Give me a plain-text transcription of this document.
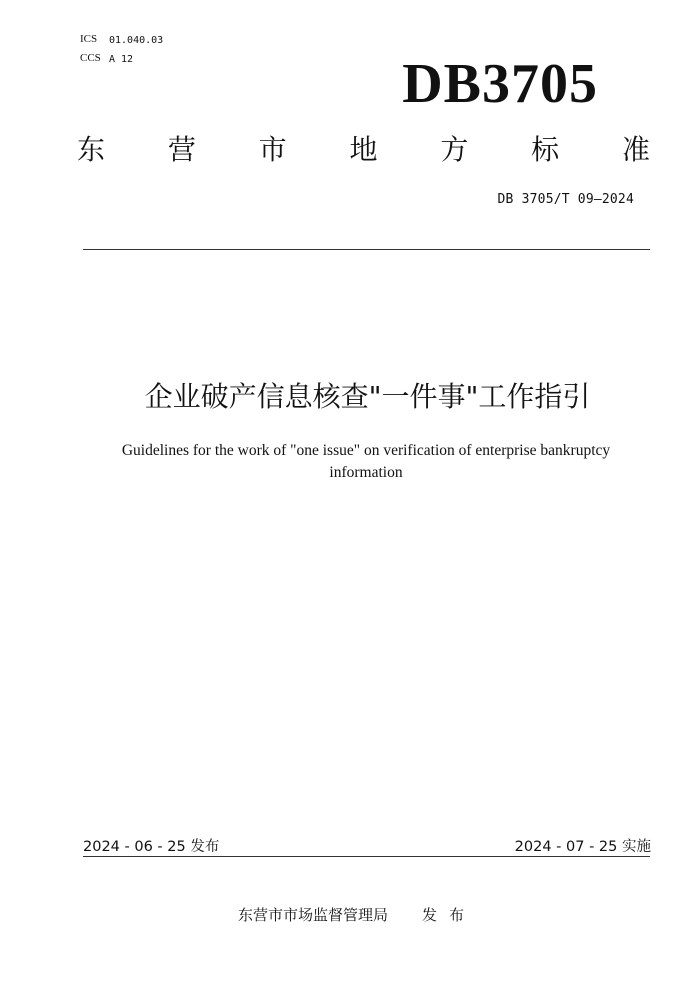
ICS 01.040.03
CCS A 12	DB3705
东 营 市 地 方 标 准
DB 3705/T 09—2024
企业破产信息核查"一件事"工作指引
Guidelines for the work of "one issue" on verification of enterprise bankruptcy information
2024 - 06 - 25 发布	2024 - 07 - 25 实施
东营市市场监督管理局 发布
